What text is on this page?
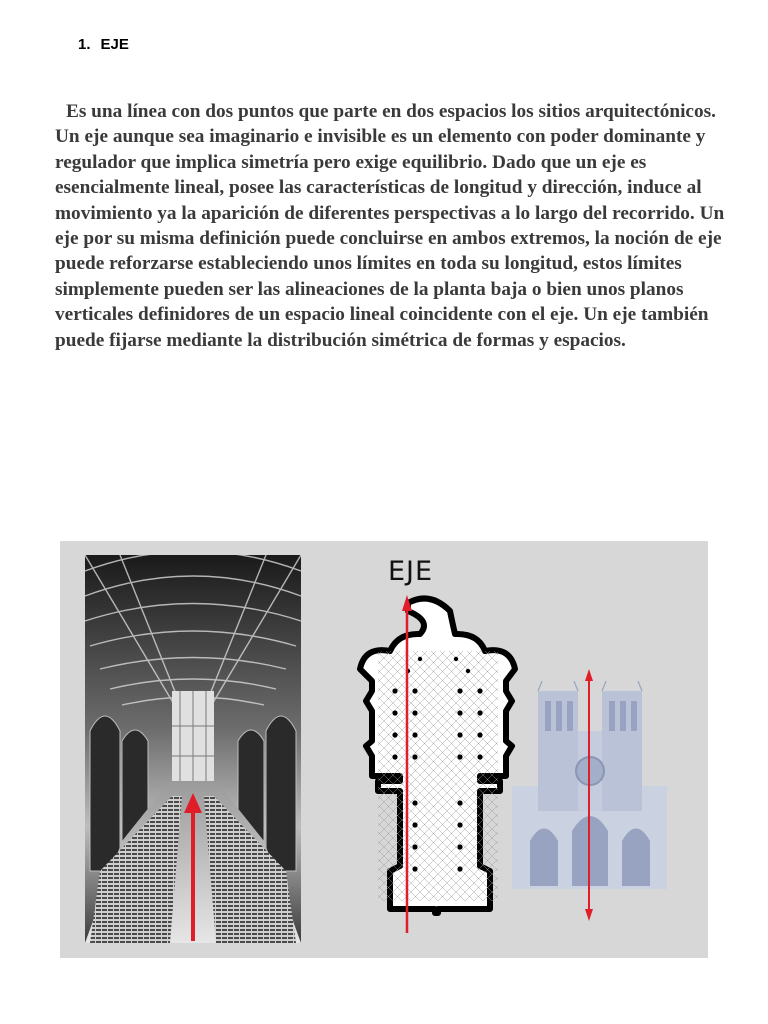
1. EJE

Es una línea con dos puntos que parte en dos espacios los sitios arquitectónicos. Un eje aunque sea imaginario e invisible es un elemento con poder dominante y regulador que implica simetría pero exige equilibrio. Dado que un eje es esencialmente lineal, posee las características de longitud y dirección, induce al movimiento ya la aparición de diferentes perspectivas a lo largo del recorrido. Un eje por su misma definición puede concluirse en ambos extremos, la noción de eje puede reforzarse estableciendo unos límites en toda su longitud, estos límites simplemente pueden ser las alineaciones de la planta baja o bien unos planos verticales definidores de un espacio lineal coincidente con el eje. Un eje también puede fijarse mediante la distribución simétrica de formas y espacios.

EJE
